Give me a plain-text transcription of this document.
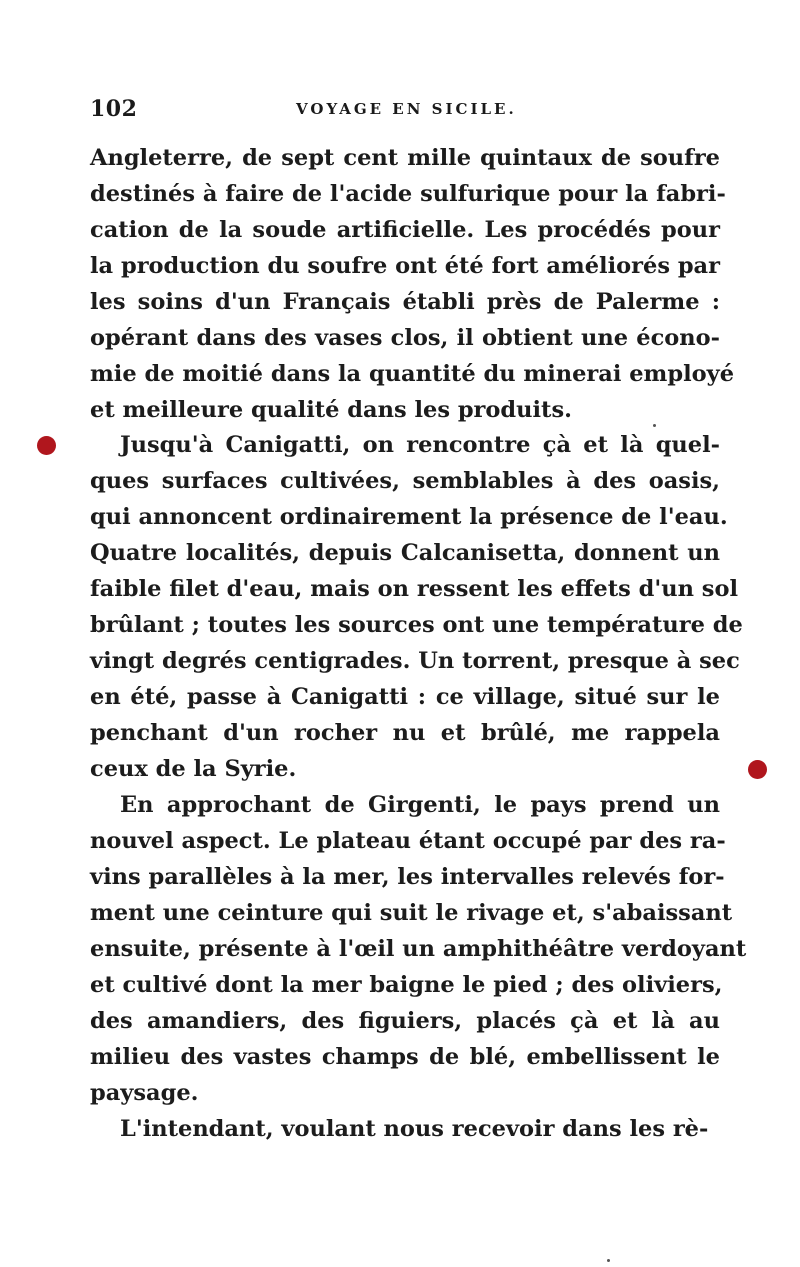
102	VOYAGE EN SICILE.
Angleterre, de sept cent mille quintaux de soufre
destinés à faire de l'acide sulfurique pour la fabri-
cation de la soude artificielle. Les procédés pour
la production du soufre ont été fort améliorés par
les soins d'un Français établi près de Palerme :
opérant dans des vases clos, il obtient une écono-
mie de moitié dans la quantité du minerai employé
et meilleure qualité dans les produits.
Jusqu'à Canigatti, on rencontre çà et là quel-
ques surfaces cultivées, semblables à des oasis,
qui annoncent ordinairement la présence de l'eau.
Quatre localités, depuis Calcanisetta, donnent un
faible filet d'eau, mais on ressent les effets d'un sol
brûlant ; toutes les sources ont une température de
vingt degrés centigrades. Un torrent, presque à sec
en été, passe à Canigatti : ce village, situé sur le
penchant d'un rocher nu et brûlé, me rappela
ceux de la Syrie.
En approchant de Girgenti, le pays prend un
nouvel aspect. Le plateau étant occupé par des ra-
vins parallèles à la mer, les intervalles relevés for-
ment une ceinture qui suit le rivage et, s'abaissant
ensuite, présente à l'œil un amphithéâtre verdoyant
et cultivé dont la mer baigne le pied ; des oliviers,
des amandiers, des figuiers, placés çà et là au
milieu des vastes champs de blé, embellissent le
paysage.
L'intendant, voulant nous recevoir dans les rè-
